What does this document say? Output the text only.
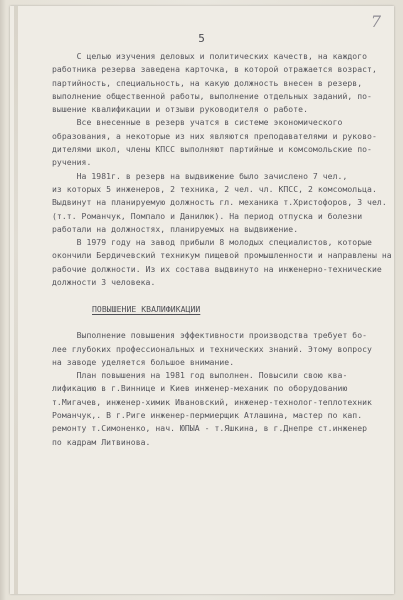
7
5
С целью изучения деловых и политических качеств, на каждого
работника резерва заведена карточка, в которой отражается возраст,
партийность, специальность, на какую должность внесен в резерв,
выполнение общественной работы, выполнение отдельных заданий, по-
вышение квалификации и отзыви руководителя о работе.
Все внесенные в резерв учатся в системе экономического
образования, а некоторые из них являются преподавателями и руково-
дителями школ, члены КПСС выполняют партийные и комсомольские по-
ручения.
На 1981г. в резерв на выдвижение было зачислено 7 чел.,
из которых 5 инженеров, 2 техника, 2 чел. чл. КПСС, 2 комсомольца.
Выдвинут на планируемую должность гл. механика т.Христофоров, 3 чел.
(т.т. Романчук, Помпало и Данилюк). На период отпуска и болезни
работали на должностях, планируемых на выдвижение.
В 1979 году на завод прибыли 8 молодых специалистов, которые
окончили Бердичевский техникум пищевой промышленности и направлены на
рабочие должности. Из их состава выдвинуто на инженерно-технические
должности 3 человека.

ПОВЫШЕНИЕ КВАЛИФИКАЦИИ

Выполнение повышения эффективности производства требует бо-
лее глубоких профессиональных и технических знаний. Этому вопросу
на заводе уделяется большое внимание.
План повышения на 1981 год выполнен. Повысили свою ква-
лификацию в г.Виннице и Киев инженер-механик по оборудованию
т.Мигачев, инженер-химик Ивановский, инженер-технолог-теплотехник
Романчук,. В г.Риге инженер-пермиерщик Атлашина, мастер по кап.
ремонту т.Симоненко, нач. ЮПЫА - т.Яшкина, в г.Днепре ст.инженер
по кадрам Литвинова.
